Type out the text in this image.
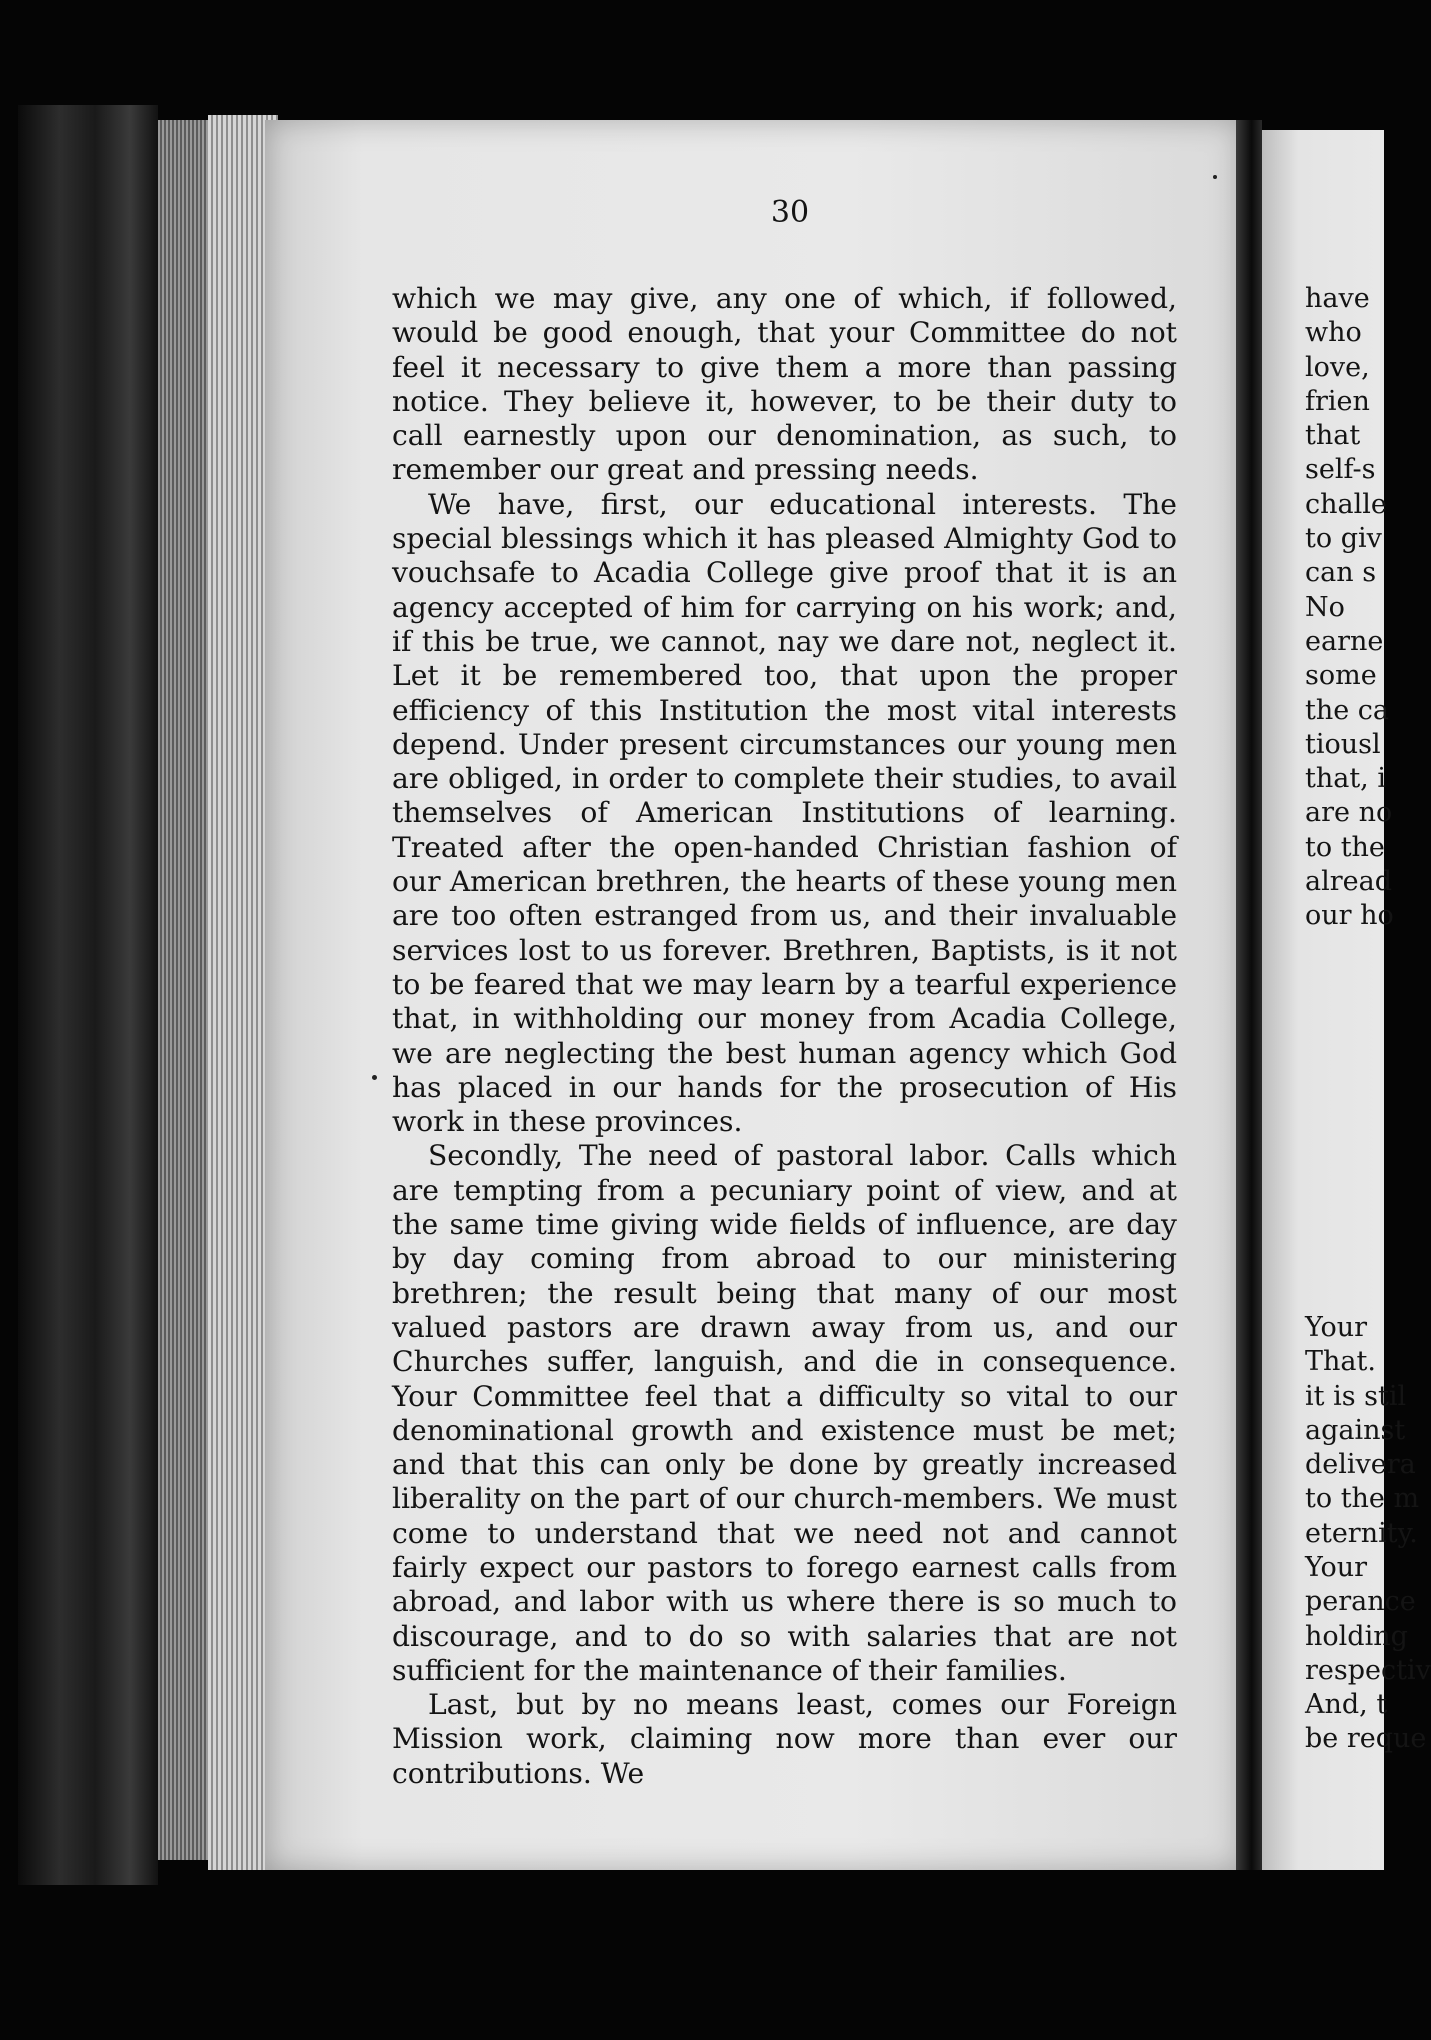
30

which we may give, any one of which, if followed, would be good enough, that your Committee do not feel it necessary to give them a more than passing notice. They believe it, however, to be their duty to call earnestly upon our denomination, as such, to remember our great and pressing needs.

We have, first, our educational interests. The special blessings which it has pleased Almighty God to vouchsafe to Acadia College give proof that it is an agency accepted of him for carrying on his work; and, if this be true, we cannot, nay we dare not, neglect it. Let it be remembered too, that upon the proper efficiency of this Institution the most vital interests depend. Under present circumstances our young men are obliged, in order to complete their studies, to avail themselves of American Institutions of learning. Treated after the open-handed Christian fashion of our American brethren, the hearts of these young men are too often estranged from us, and their invaluable services lost to us forever. Brethren, Baptists, is it not to be feared that we may learn by a tearful experience that, in withholding our money from Acadia College, we are neglecting the best human agency which God has placed in our hands for the prosecution of His work in these provinces.

Secondly, The need of pastoral labor. Calls which are tempting from a pecuniary point of view, and at the same time giving wide fields of influence, are day by day coming from abroad to our ministering brethren; the result being that many of our most valued pastors are drawn away from us, and our Churches suffer, languish, and die in consequence. Your Committee feel that a difficulty so vital to our denominational growth and existence must be met; and that this can only be done by greatly increased liberality on the part of our church-members. We must come to understand that we need not and cannot fairly expect our pastors to forego earnest calls from abroad, and labor with us where there is so much to discourage, and to do so with salaries that are not sufficient for the maintenance of their families.

Last, but by no means least, comes our Foreign Mission work, claiming now more than ever our contributions. We

have
who
love,
frien
that
self-s
challe
to giv
can s
No
earne
some
the ca
tiousl
that, i
are no
to the
alread
our ho
Your
That.
it is stil
against
delivera
to the m
eternity.
Your
perance
holding
respectiv
And, t
be reque
